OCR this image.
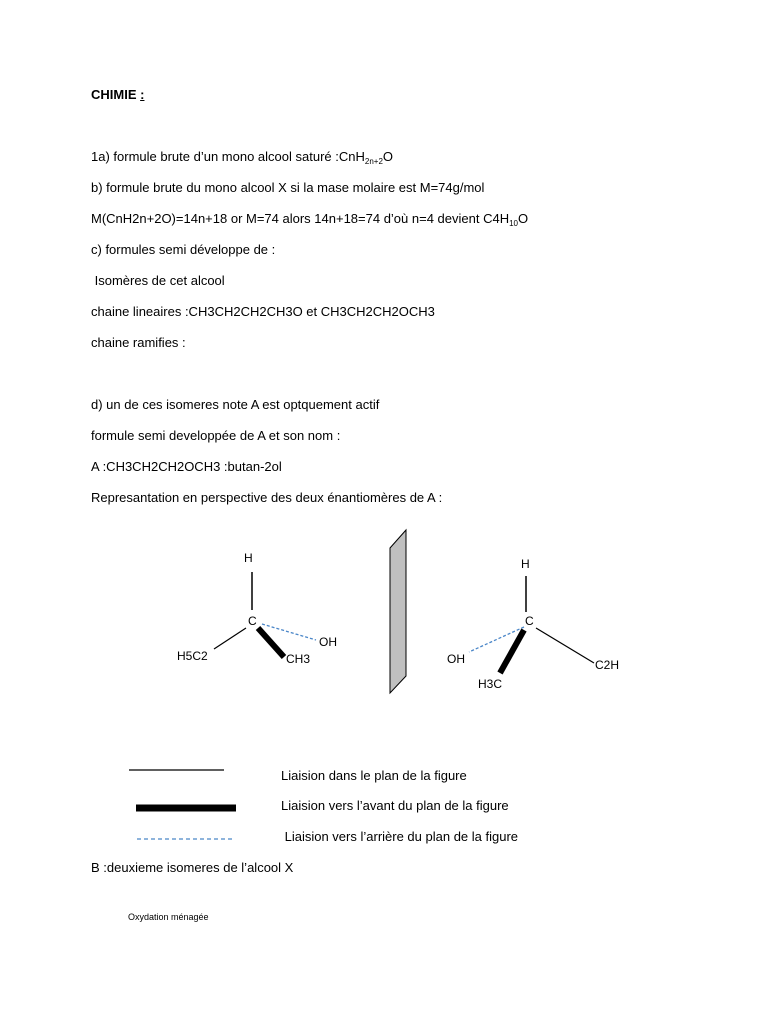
CHIMIE :
1a) formule brute d’un mono alcool saturé :CnH$_{2n+2}$O
b) formule brute du mono alcool X si la mase molaire est M=74g/mol
M(CnH2n+2O)=14n+18 or M=74 alors 14n+18=74 d’où n=4 devient $C4H_{10}O$
c) formules semi développe de :
Isomères de cet alcool
chaine lineaires :CH3CH2CH2CH3O et CH3CH2CH2OCH3
chaine ramifies :
d) un de ces isomeres note A est optquement actif
formule semi developpée de A et son nom :
A :CH3CH2CH2OCH3 :butan-2ol
Represantation en perspective des deux énantiomères de A :
H
C
H5C2	CH3
OH
H
C
OH
H3C
C2H
Liaision dans le plan de la figure
Liaision vers l’avant du plan de la figure
Liaision vers l’arrière du plan de la figure
B :deuxieme isomeres de l’alcool X
Oxydation ménagée
